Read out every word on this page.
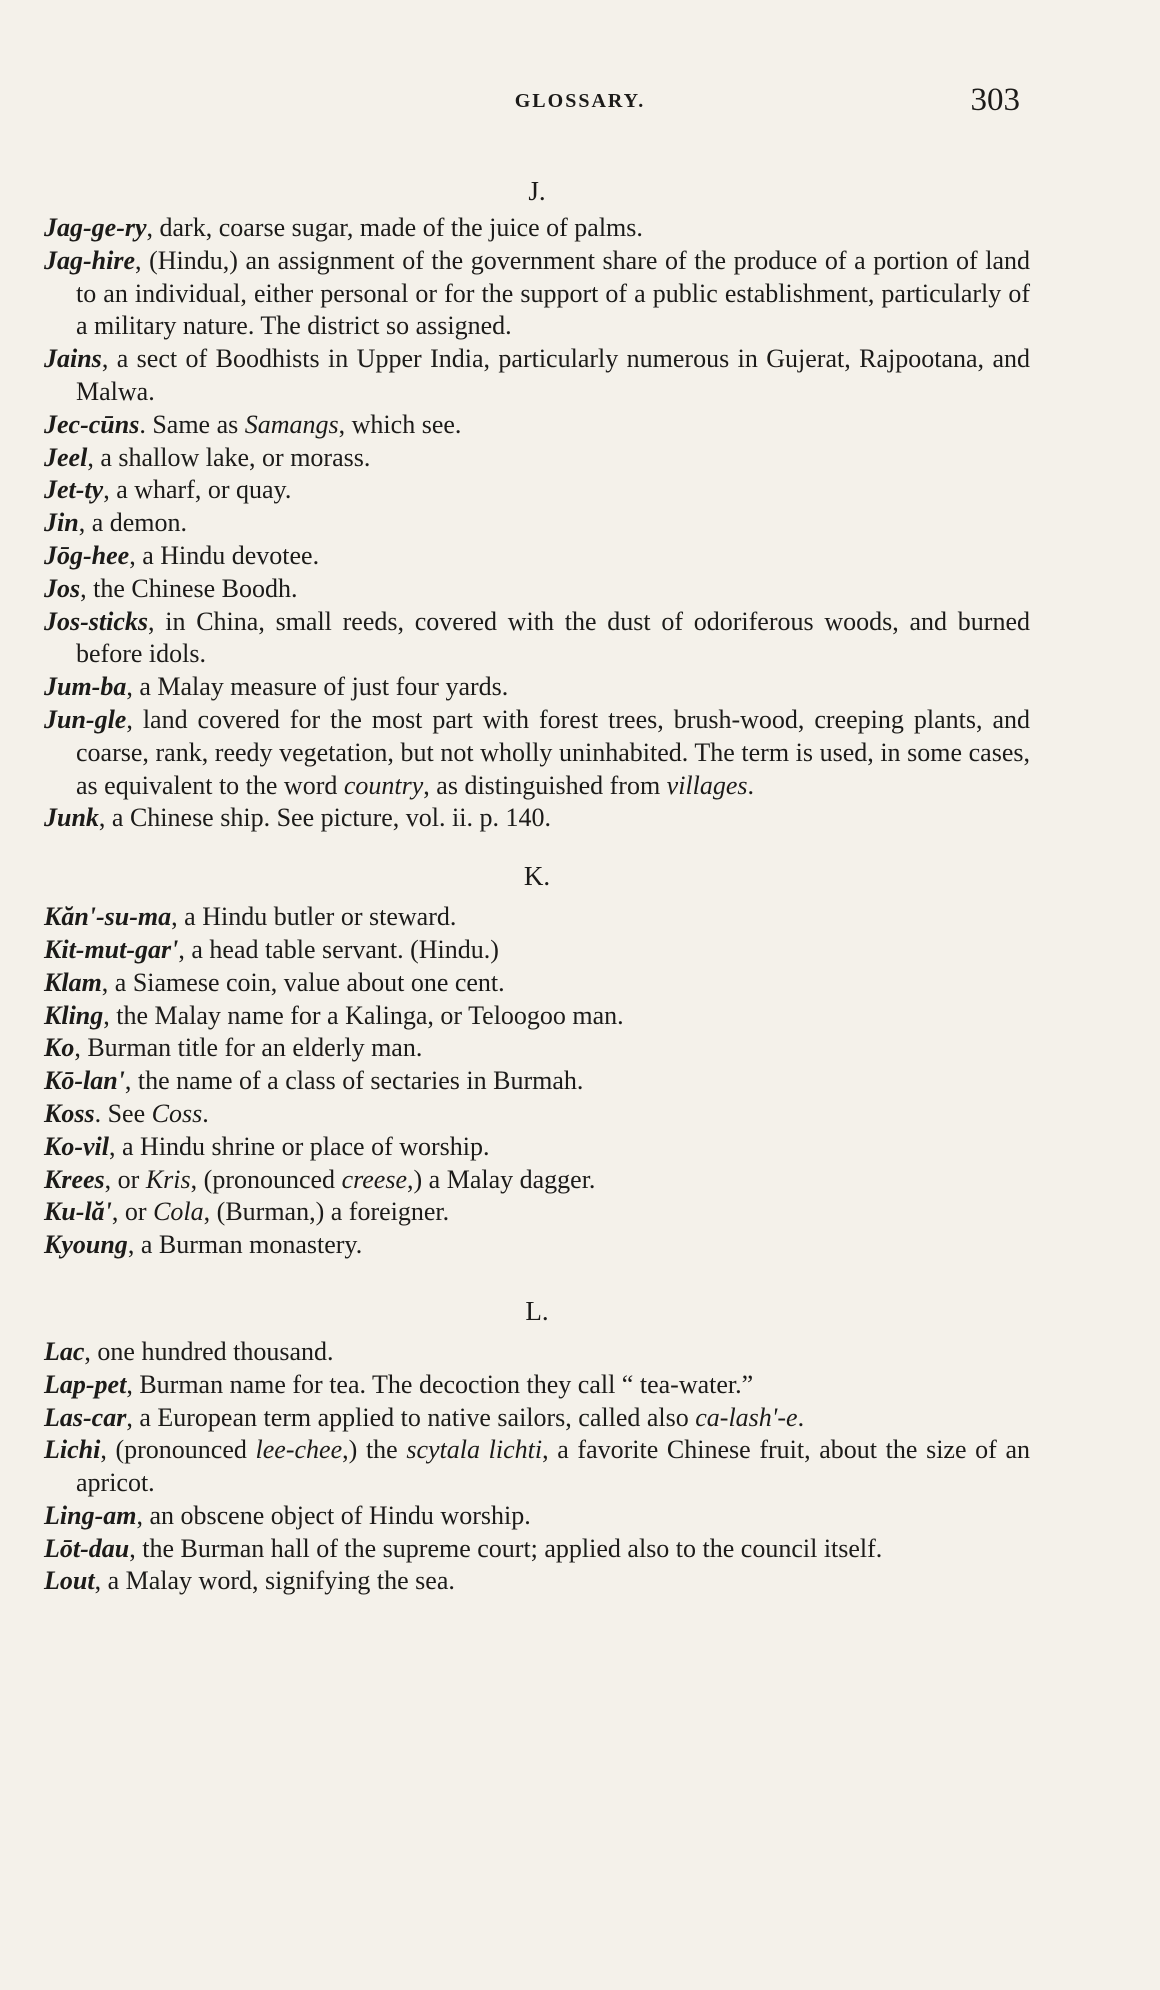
GLOSSARY.	303
J.

Jag-ge-ry, dark, coarse sugar, made of the juice of palms.

Jag-hire, (Hindu,) an assignment of the government share of the produce of a portion of land to an individual, either personal or for the support of a public establishment, particularly of a military nature. The district so assigned.

Jains, a sect of Boodhists in Upper India, particularly numerous in Gujerat, Rajpootana, and Malwa.

Jec-cūns. Same as Samangs, which see.

Jeel, a shallow lake, or morass.

Jet-ty, a wharf, or quay.

Jin, a demon.

Jōg-hee, a Hindu devotee.

Jos, the Chinese Boodh.

Jos-sticks, in China, small reeds, covered with the dust of odoriferous woods, and burned before idols.

Jum-ba, a Malay measure of just four yards.

Jun-gle, land covered for the most part with forest trees, brush-wood, creeping plants, and coarse, rank, reedy vegetation, but not wholly uninhabited. The term is used, in some cases, as equivalent to the word country, as distinguished from villages.

Junk, a Chinese ship. See picture, vol. ii. p. 140.

K.

Kăn'-su-ma, a Hindu butler or steward.

Kit-mut-gar', a head table servant. (Hindu.)

Klam, a Siamese coin, value about one cent.

Kling, the Malay name for a Kalinga, or Teloogoo man.

Ko, Burman title for an elderly man.

Kō-lan', the name of a class of sectaries in Burmah.

Koss. See Coss.

Ko-vil, a Hindu shrine or place of worship.

Krees, or Kris, (pronounced creese,) a Malay dagger.

Ku-lă', or Cola, (Burman,) a foreigner.

Kyoung, a Burman monastery.

L.

Lac, one hundred thousand.

Lap-pet, Burman name for tea. The decoction they call “ tea-water.”

Las-car, a European term applied to native sailors, called also ca-lash'-e.

Lichi, (pronounced lee-chee,) the scytala lichti, a favorite Chinese fruit, about the size of an apricot.

Ling-am, an obscene object of Hindu worship.

Lōt-dau, the Burman hall of the supreme court; applied also to the council itself.

Lout, a Malay word, signifying the sea.
